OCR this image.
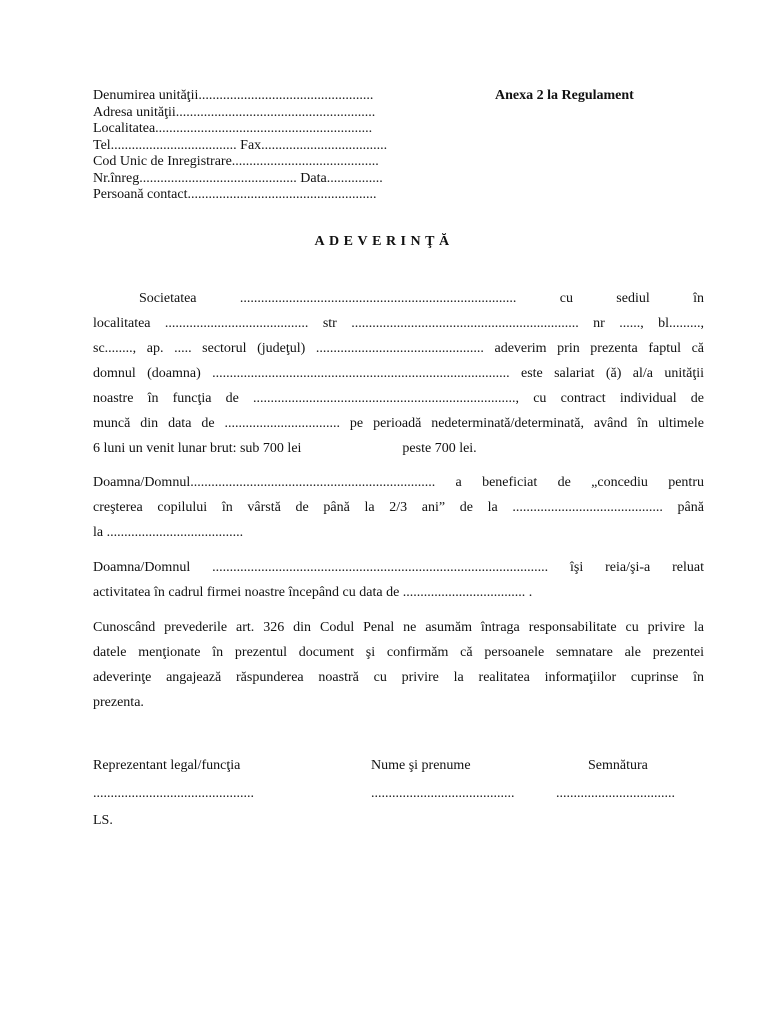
Denumirea unităţii..................................................
Adresa unităţii.........................................................
Localitatea..............................................................
Tel.................................... Fax....................................
Cod Unic de Inregistrare..........................................
Nr.înreg............................................. Data................
Persoană contact......................................................
Anexa 2 la Regulament
ADEVERINŢĂ
Societatea ............................................................................... cu sediul în
localitatea ......................................... str ................................................................. nr ......, bl.........,
sc........, ap. ..... sectorul (judeţul) ................................................ adeverim prin prezenta faptul că
domnul (doamna) ..................................................................................... este salariat (ă) al/a unităţii
noastre în funcţia de ..........................................................................., cu contract individual de
muncă din data de ................................. pe perioadă nedeterminată/determinată, având în ultimele
6 luni un venit lunar brut: sub 700 lei	peste 700 lei.
Doamna/Domnul...................................................................... a beneficiat de „concediu pentru
creşterea copilului în vârstă de până la 2/3 ani” de la ........................................... până
la .......................................
Doamna/Domnul ................................................................................................ îşi reia/şi-a reluat
activitatea în cadrul firmei noastre începând cu data de ................................... .
Cunoscând prevederile art. 326 din Codul Penal ne asumăm întraga responsabilitate cu privire la
datele menţionate în prezentul document şi confirmăm că persoanele semnatare ale prezentei
adeverinţe angajează răspunderea noastră cu privire la realitatea informaţiilor cuprinse în
prezenta.
Reprezentant legal/funcţia	Nume şi prenume	Semnătura
..............................................	.........................................	..................................
LS.
